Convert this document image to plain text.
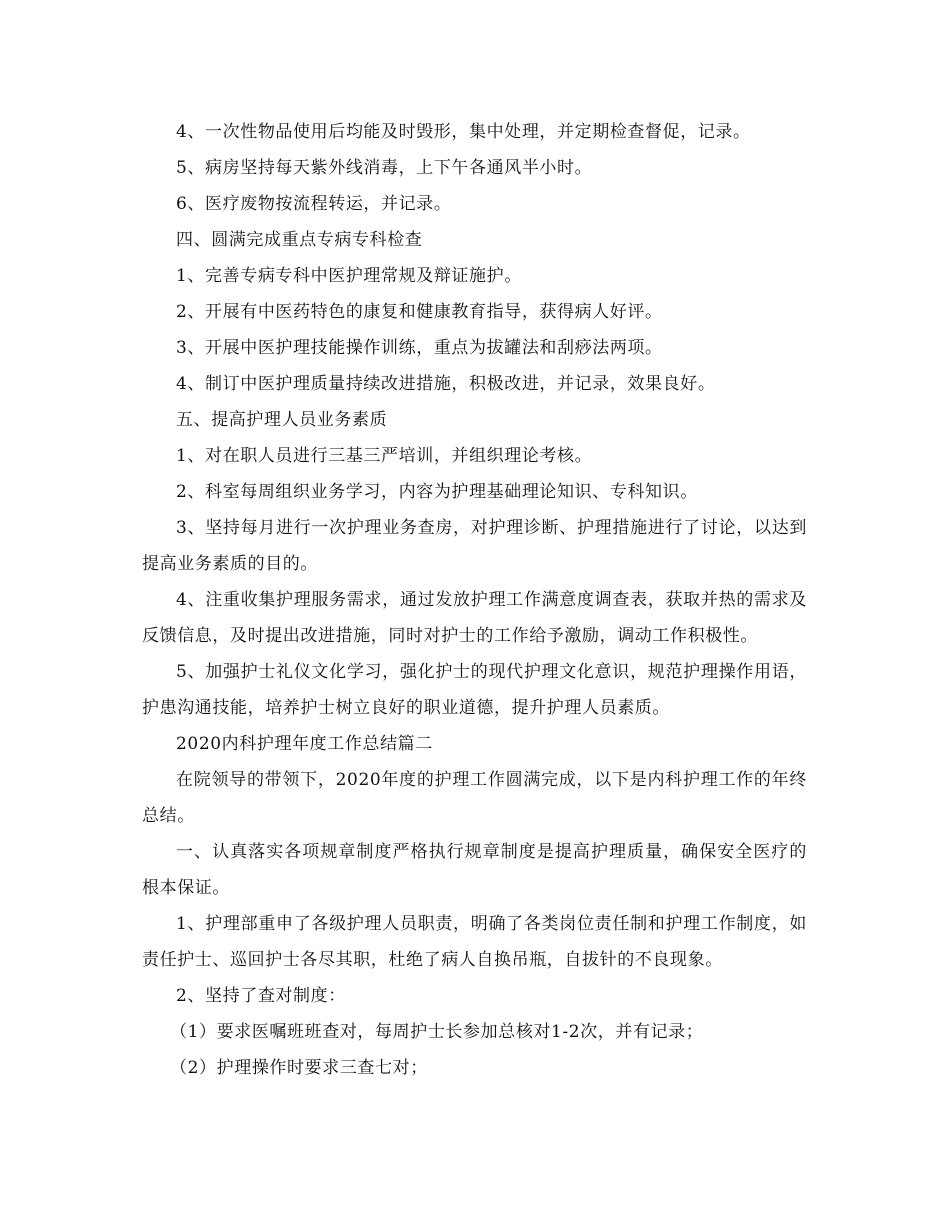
4、一次性物品使用后均能及时毁形，集中处理，并定期检查督促，记录。

5、病房坚持每天紫外线消毒，上下午各通风半小时。

6、医疗废物按流程转运，并记录。

四、圆满完成重点专病专科检查

1、完善专病专科中医护理常规及辩证施护。

2、开展有中医药特色的康复和健康教育指导，获得病人好评。

3、开展中医护理技能操作训练，重点为拔罐法和刮痧法两项。

4、制订中医护理质量持续改进措施，积极改进，并记录，效果良好。

五、提高护理人员业务素质

1、对在职人员进行三基三严培训，并组织理论考核。

2、科室每周组织业务学习，内容为护理基础理论知识、专科知识。

3、坚持每月进行一次护理业务查房，对护理诊断、护理措施进行了讨论，以达到提高业务素质的目的。

4、注重收集护理服务需求，通过发放护理工作满意度调查表，获取并热的需求及反馈信息，及时提出改进措施，同时对护士的工作给予激励，调动工作积极性。

5、加强护士礼仪文化学习，强化护士的现代护理文化意识，规范护理操作用语，护患沟通技能，培养护士树立良好的职业道德，提升护理人员素质。

2020内科护理年度工作总结篇二

在院领导的带领下，2020年度的护理工作圆满完成，以下是内科护理工作的年终总结。

一、认真落实各项规章制度严格执行规章制度是提高护理质量，确保安全医疗的根本保证。

1、护理部重申了各级护理人员职责，明确了各类岗位责任制和护理工作制度，如责任护士、巡回护士各尽其职，杜绝了病人自换吊瓶，自拔针的不良现象。

2、坚持了查对制度：

（1）要求医嘱班班查对，每周护士长参加总核对1-2次，并有记录；

（2）护理操作时要求三查七对；
